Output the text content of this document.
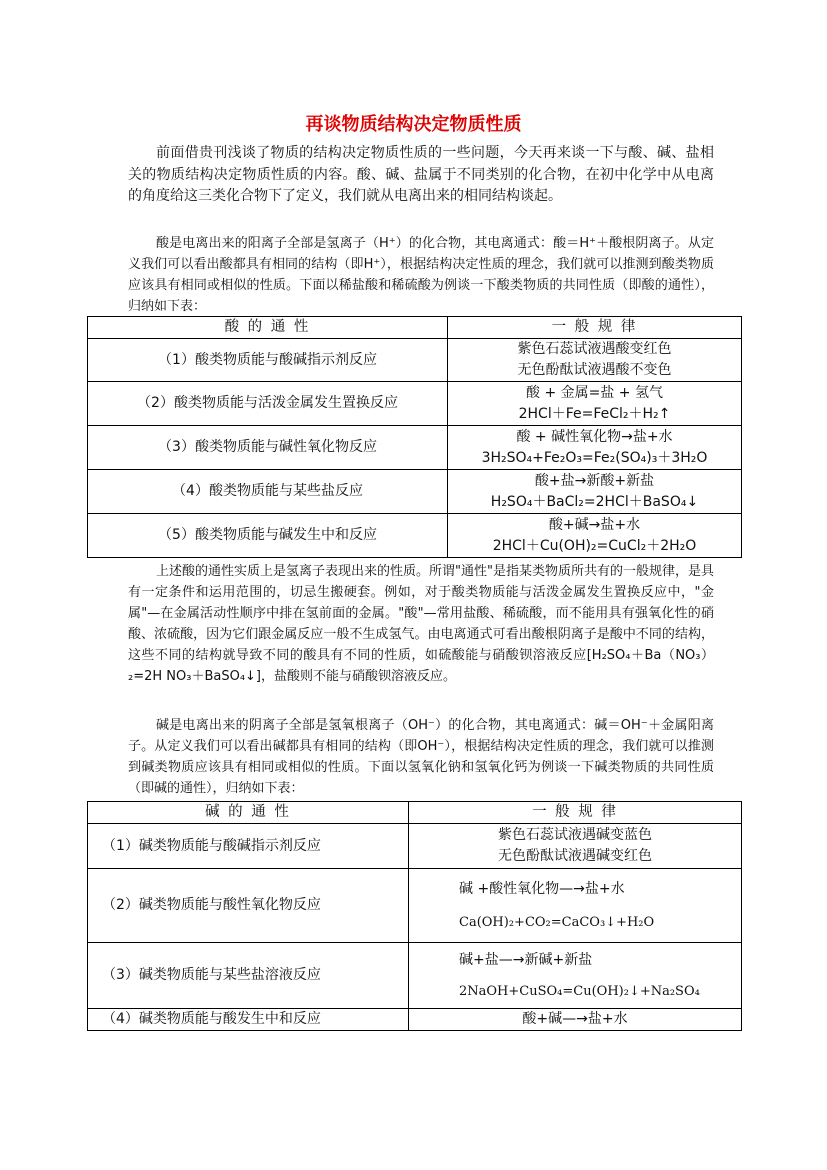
再谈物质结构决定物质性质

前面借贵刊浅谈了物质的结构决定物质性质的一些问题，今天再来谈一下与酸、碱、盐相关的物质结构决定物质性质的内容。酸、碱、盐属于不同类别的化合物，在初中化学中从电离的角度给这三类化合物下了定义，我们就从电离出来的相同结构谈起。

酸是电离出来的阳离子全部是氢离子（H⁺）的化合物，其电离通式：酸＝H⁺＋酸根阴离子。从定义我们可以看出酸都具有相同的结构（即H⁺），根据结构决定性质的理念，我们就可以推测到酸类物质应该具有相同或相似的性质。下面以稀盐酸和稀硫酸为例谈一下酸类物质的共同性质（即酸的通性），归纳如下表：

酸 的 通 性	一 般 规 律
（1）酸类物质能与酸碱指示剂反应	紫色石蕊试液遇酸变红色
无色酚酞试液遇酸不变色

（2）酸类物质能与活泼金属发生置换反应	酸 + 金属=盐 + 氢气
2HCl＋Fe=FeCl₂＋H₂↑

（3）酸类物质能与碱性氧化物反应	酸 + 碱性氧化物→盐+水
3H₂SO₄+Fe₂O₃=Fe₂(SO₄)₃＋3H₂O

（4）酸类物质能与某些盐反应	酸+盐→新酸+新盐
H₂SO₄＋BaCl₂=2HCl＋BaSO₄↓

（5）酸类物质能与碱发生中和反应	酸+碱→盐+水
2HCl＋Cu(OH)₂=CuCl₂＋2H₂O

上述酸的通性实质上是氢离子表现出来的性质。所谓"通性"是指某类物质所共有的一般规律，是具有一定条件和运用范围的，切忌生搬硬套。例如，对于酸类物质能与活泼金属发生置换反应中，"金属"—在金属活动性顺序中排在氢前面的金属。"酸"—常用盐酸、稀硫酸，而不能用具有强氧化性的硝酸、浓硫酸，因为它们跟金属反应一般不生成氢气。由电离通式可看出酸根阴离子是酸中不同的结构，这些不同的结构就导致不同的酸具有不同的性质，如硫酸能与硝酸钡溶液反应[H₂SO₄＋Ba（NO₃）₂=2H NO₃＋BaSO₄↓]，盐酸则不能与硝酸钡溶液反应。

碱是电离出来的阴离子全部是氢氧根离子（OH⁻）的化合物，其电离通式：碱＝OH⁻＋金属阳离子。从定义我们可以看出碱都具有相同的结构（即OH⁻），根据结构决定性质的理念，我们就可以推测到碱类物质应该具有相同或相似的性质。下面以氢氧化钠和氢氧化钙为例谈一下碱类物质的共同性质（即碱的通性），归纳如下表：

碱 的 通 性	一 般 规 律
（1）碱类物质能与酸碱指示剂反应	紫色石蕊试液遇碱变蓝色
无色酚酞试液遇碱变红色

（2）碱类物质能与酸性氧化物反应	碱 +酸性氧化物—→盐+水
Ca(OH)₂+CO₂=CaCO₃↓+H₂O

（3）碱类物质能与某些盐溶液反应	碱+盐—→新碱+新盐
2NaOH+CuSO₄=Cu(OH)₂↓+Na₂SO₄

（4）碱类物质能与酸发生中和反应	酸+碱—→盐+水
